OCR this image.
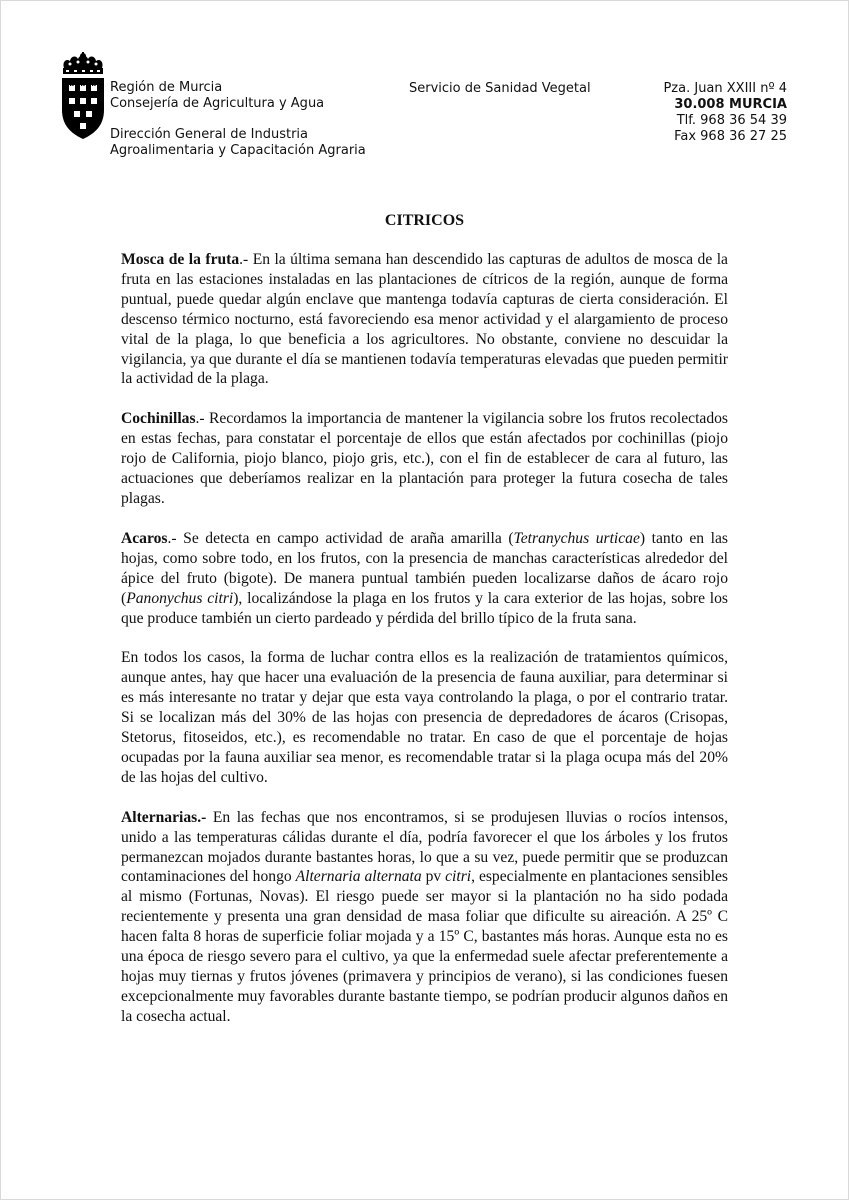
Región de Murcia
Consejería de Agricultura y Agua
Dirección General de Industria
Agroalimentaria y Capacitación Agraria
Servicio de Sanidad Vegetal	Pza. Juan XXIII nº 4
30.008 MURCIA
Tlf. 968 36 54 39
Fax 968 36 27 25
CITRICOS

Mosca de la fruta.- En la última semana han descendido las capturas de adultos de mosca de la fruta en las estaciones instaladas en las plantaciones de cítricos de la región, aunque de forma puntual, puede quedar algún enclave que mantenga todavía capturas de cierta consideración. El descenso térmico nocturno, está favoreciendo esa menor actividad y el alargamiento de proceso vital de la plaga, lo que beneficia a los agricultores. No obstante, conviene no descuidar la vigilancia, ya que durante el día se mantienen todavía temperaturas elevadas que pueden permitir la actividad de la plaga.

Cochinillas.- Recordamos la importancia de mantener la vigilancia sobre los frutos recolectados en estas fechas, para constatar el porcentaje de ellos que están afectados por cochinillas (piojo rojo de California, piojo blanco, piojo gris, etc.), con el fin de establecer de cara al futuro, las actuaciones que deberíamos realizar en la plantación para proteger la futura cosecha de tales plagas.

Acaros.- Se detecta en campo actividad de araña amarilla (Tetranychus urticae) tanto en las hojas, como sobre todo, en los frutos, con la presencia de manchas características alrededor del ápice del fruto (bigote). De manera puntual también pueden localizarse daños de ácaro rojo (Panonychus citri), localizándose la plaga en los frutos y la cara exterior de las hojas, sobre los que produce también un cierto pardeado y pérdida del brillo típico de la fruta sana.

En todos los casos, la forma de luchar contra ellos es la realización de tratamientos químicos, aunque antes, hay que hacer una evaluación de la presencia de fauna auxiliar, para determinar si es más interesante no tratar y dejar que esta vaya controlando la plaga, o por el contrario tratar. Si se localizan más del 30% de las hojas con presencia de depredadores de ácaros (Crisopas, Stetorus, fitoseidos, etc.), es recomendable no tratar. En caso de que el porcentaje de hojas ocupadas por la fauna auxiliar sea menor, es recomendable tratar si la plaga ocupa más del 20% de las hojas del cultivo.

Alternarias.- En las fechas que nos encontramos, si se produjesen lluvias o rocíos intensos, unido a las temperaturas cálidas durante el día, podría favorecer el que los árboles y los frutos permanezcan mojados durante bastantes horas, lo que a su vez, puede permitir que se produzcan contaminaciones del hongo Alternaria alternata pv citri, especialmente en plantaciones sensibles al mismo (Fortunas, Novas). El riesgo puede ser mayor si la plantación no ha sido podada recientemente y presenta una gran densidad de masa foliar que dificulte su aireación. A 25º C hacen falta 8 horas de superficie foliar mojada y a 15º C, bastantes más horas. Aunque esta no es una época de riesgo severo para el cultivo, ya que la enfermedad suele afectar preferentemente a hojas muy tiernas y frutos jóvenes (primavera y principios de verano), si las condiciones fuesen excepcionalmente muy favorables durante bastante tiempo, se podrían producir algunos daños en la cosecha actual.
